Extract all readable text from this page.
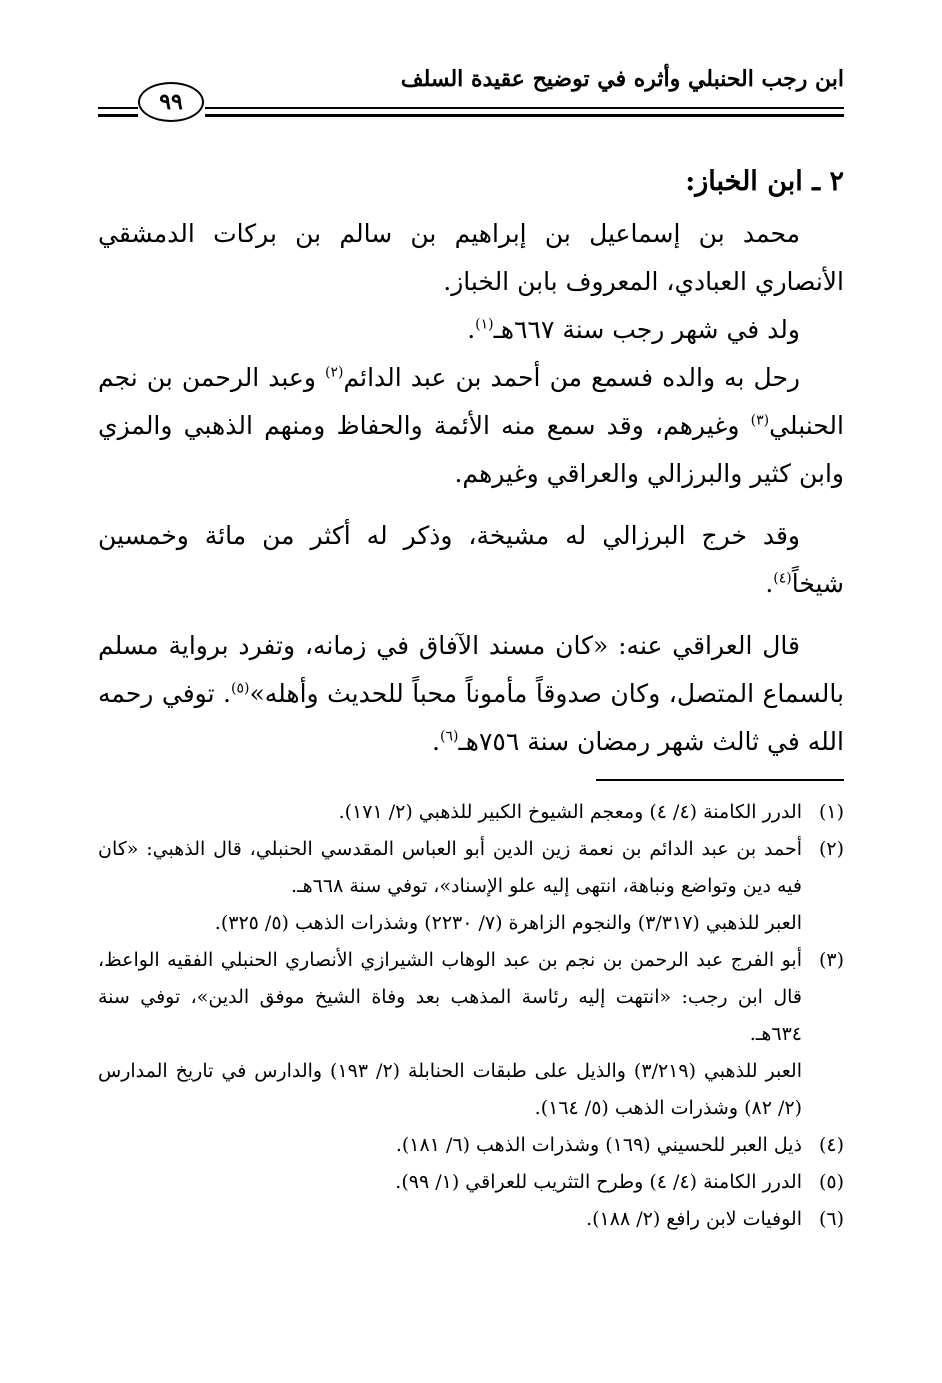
ابن رجب الحنبلي وأثره في توضيح عقيدة السلف
٩٩
٢ ـ ابن الخباز:

محمد بن إسماعيل بن إبراهيم بن سالم بن بركات الدمشقي الأنصاري العبادي، المعروف بابن الخباز.

ولد في شهر رجب سنة ٦٦٧هـ$^{(١)}$.

رحل به والده فسمع من أحمد بن عبد الدائم$^{(٢)}$ وعبد الرحمن بن نجم الحنبلي$^{(٣)}$ وغيرهم، وقد سمع منه الأئمة والحفاظ ومنهم الذهبي والمزي وابن كثير والبرزالي والعراقي وغيرهم.

وقد خرج البرزالي له مشيخة، وذكر له أكثر من مائة وخمسين شيخاً$^{(٤)}$.

قال العراقي عنه: «كان مسند الآفاق في زمانه، وتفرد برواية مسلم بالسماع المتصل، وكان صدوقاً مأموناً محباً للحديث وأهله»$^{(٥)}$. توفي رحمه الله في ثالث شهر رمضان سنة ٧٥٦هـ$^{(٦)}$.

(١)

الدرر الكامنة (٤/ ٤) ومعجم الشيوخ الكبير للذهبي (٢/ ١٧١).

(٢)

أحمد بن عبد الدائم بن نعمة زين الدين أبو العباس المقدسي الحنبلي، قال الذهبي: «كان فيه دين وتواضع ونباهة، انتهى إليه علو الإسناد»، توفي سنة ٦٦٨هـ.

العبر للذهبي (٣/٣١٧) والنجوم الزاهرة (٧/ ٢٢٣٠) وشذرات الذهب (٥/ ٣٢٥).

(٣)

أبو الفرج عبد الرحمن بن نجم بن عبد الوهاب الشيرازي الأنصاري الحنبلي الفقيه الواعظ، قال ابن رجب: «انتهت إليه رئاسة المذهب بعد وفاة الشيخ موفق الدين»، توفي سنة ٦٣٤هـ.

العبر للذهبي (٣/٢١٩) والذيل على طبقات الحنابلة (٢/ ١٩٣) والدارس في تاريخ المدارس (٢/ ٨٢) وشذرات الذهب (٥/ ١٦٤).

(٤)

ذيل العبر للحسيني (١٦٩) وشذرات الذهب (٦/ ١٨١).

(٥)

الدرر الكامنة (٤/ ٤) وطرح التثريب للعراقي (١/ ٩٩).

(٦)

الوفيات لابن رافع (٢/ ١٨٨).
